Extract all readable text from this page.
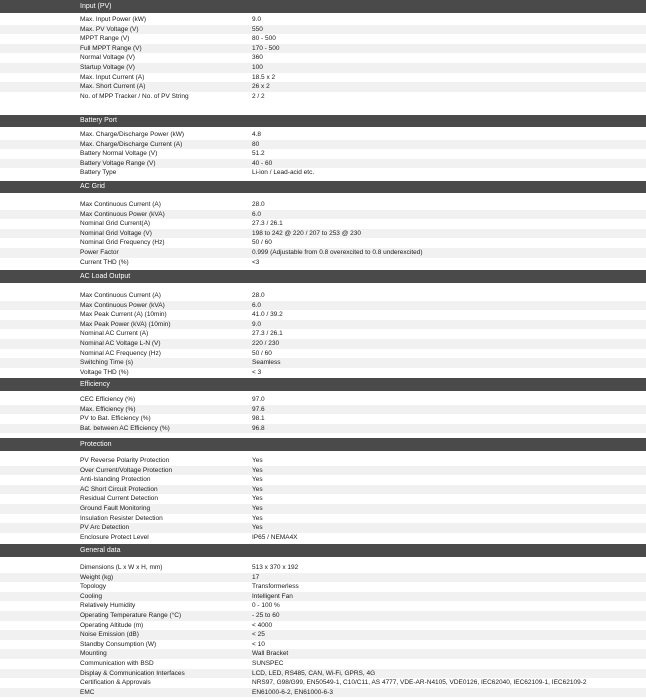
Input (PV)
Max. Input Power (kW)	9.0
Max. PV Voltage (V)	550
MPPT Range (V)	80 - 500
Full MPPT Range (V)	170 - 500
Normal Voltage (V)	360
Startup Voltage (V)	100
Max. Input Current (A)	18.5 x 2
Max. Short Current (A)	26 x 2
No. of MPP Tracker / No. of PV String	2 / 2
Battery Port
Max. Charge/Discharge Power (kW)	4.8
Max. Charge/Discharge Current (A)	80
Battery Normal Voltage (V)	51.2
Battery Voltage Range (V)	40 - 60
Battery Type	Li-ion / Lead-acid etc.
AC Grid
Max Continuous Current (A)	28.0
Max Continuous Power (kVA)	6.0
Nominal Grid Current(A)	27.3 / 26.1
Nominal Grid Voltage (V)	198 to 242 @ 220 / 207 to 253 @ 230
Nominal Grid Frequency (Hz)	50 / 60
Power Factor	0.999 (Adjustable from 0.8 overexcited to 0.8 underexcited)
Current THD (%)	<3
AC Load Output
Max Continuous Current (A)	28.0
Max Continuous Power (kVA)	6.0
Max Peak Current (A) (10min)	41.0 / 39.2
Max Peak Power (kVA) (10min)	9.0
Nominal AC Current (A)	27.3 / 26.1
Nominal AC Voltage L-N (V)	220 / 230
Nominal AC Frequency (Hz)	50 / 60
Switching Time (s)	Seamless
Voltage THD (%)	< 3
Efficiency
CEC Efficiency (%)	97.0
Max. Efficiency (%)	97.6
PV to Bat. Efficiency (%)	98.1
Bat. between AC Efficiency (%)	96.8
Protection
PV Reverse Polarity Protection	Yes
Over Current/Voltage Protection	Yes
Anti-Islanding Protection	Yes
AC Short Circuit Protection	Yes
Residual Current Detection	Yes
Ground Fault Monitoring	Yes
Insulation Resister Detection	Yes
PV Arc Detection	Yes
Enclosure Protect Level	IP65 / NEMA4X
General data
Dimensions (L x W x H, mm)	513 x 370 x 192
Weight (kg)	17
Topology	Transformerless
Cooling	Intelligent Fan
Relatively Humidity	0 - 100 %
Operating Temperature Range (°C)	- 25 to 60
Operating Altitude (m)	< 4000
Noise Emission (dB)	< 25
Standby Consumption (W)	< 10
Mounting	Wall Bracket
Communication with BSD	SUNSPEC
Display & Communication Interfaces	LCD, LED, RS485, CAN, Wi-Fi, GPRS, 4G
Certification & Approvals	NRS97, G98/G99, EN50549-1, C10/C11, AS 4777, VDE-AR-N4105, VDE0126, IEC62040, IEC62109-1, IEC62109-2
EMC	EN61000-6-2, EN61000-6-3
